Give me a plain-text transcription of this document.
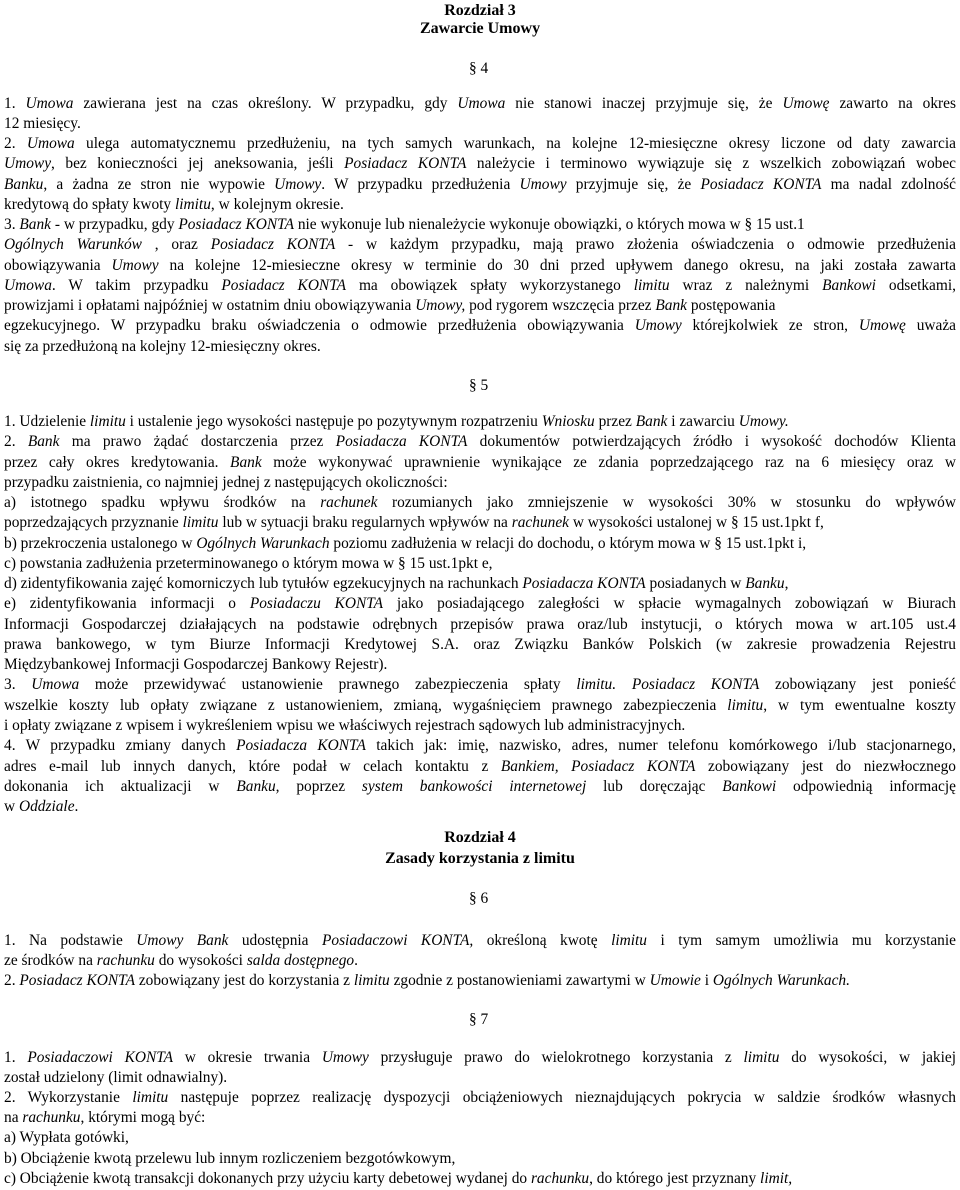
Rozdział 3
Zawarcie Umowy
§ 4
1. Umowa zawierana jest na czas określony. W przypadku, gdy Umowa nie stanowi inaczej przyjmuje się, że Umowę zawarto na okres
12 miesięcy.
2. Umowa ulega automatycznemu przedłużeniu, na tych samych warunkach, na kolejne 12-miesięczne okresy liczone od daty zawarcia
Umowy, bez konieczności jej aneksowania, jeśli Posiadacz KONTA należycie i terminowo wywiązuje się z wszelkich zobowiązań wobec
Banku, a żadna ze stron nie wypowie Umowy. W przypadku przedłużenia Umowy przyjmuje się, że Posiadacz KONTA ma nadal zdolność
kredytową do spłaty kwoty limitu, w kolejnym okresie.
3. Bank - w przypadku, gdy Posiadacz KONTA nie wykonuje lub nienależycie wykonuje obowiązki, o których mowa w § 15 ust.1
Ogólnych Warunków , oraz Posiadacz KONTA - w każdym przypadku, mają prawo złożenia oświadczenia o odmowie przedłużenia
obowiązywania Umowy na kolejne 12-miesieczne okresy w terminie do 30 dni przed upływem danego okresu, na jaki została zawarta
Umowa. W takim przypadku Posiadacz KONTA ma obowiązek spłaty wykorzystanego limitu wraz z należnymi Bankowi odsetkami,
prowizjami i opłatami najpóźniej w ostatnim dniu obowiązywania Umowy, pod rygorem wszczęcia przez Bank postępowania
egzekucyjnego. W przypadku braku oświadczenia o odmowie przedłużenia obowiązywania Umowy którejkolwiek ze stron, Umowę uważa
się za przedłużoną na kolejny 12-miesięczny okres.
§ 5
1. Udzielenie limitu i ustalenie jego wysokości następuje po pozytywnym rozpatrzeniu Wniosku przez Bank i zawarciu Umowy.
2. Bank ma prawo żądać dostarczenia przez Posiadacza KONTA dokumentów potwierdzających źródło i wysokość dochodów Klienta
przez cały okres kredytowania. Bank może wykonywać uprawnienie wynikające ze zdania poprzedzającego raz na 6 miesięcy oraz w
przypadku zaistnienia, co najmniej jednej z następujących okoliczności:
a) istotnego spadku wpływu środków na rachunek rozumianych jako zmniejszenie w wysokości 30% w stosunku do wpływów
poprzedzających przyznanie limitu lub w sytuacji braku regularnych wpływów na rachunek w wysokości ustalonej w § 15 ust.1pkt f,
b) przekroczenia ustalonego w Ogólnych Warunkach poziomu zadłużenia w relacji do dochodu, o którym mowa w § 15 ust.1pkt i,
c) powstania zadłużenia przeterminowanego o którym mowa w § 15 ust.1pkt e,
d) zidentyfikowania zajęć komorniczych lub tytułów egzekucyjnych na rachunkach Posiadacza KONTA posiadanych w Banku,
e) zidentyfikowania informacji o Posiadaczu KONTA jako posiadającego zaległości w spłacie wymagalnych zobowiązań w Biurach
Informacji Gospodarczej działających na podstawie odrębnych przepisów prawa oraz/lub instytucji, o których mowa w art.105 ust.4
prawa bankowego, w tym Biurze Informacji Kredytowej S.A. oraz Związku Banków Polskich (w zakresie prowadzenia Rejestru
Międzybankowej Informacji Gospodarczej Bankowy Rejestr).
3. Umowa może przewidywać ustanowienie prawnego zabezpieczenia spłaty limitu. Posiadacz KONTA zobowiązany jest ponieść
wszelkie koszty lub opłaty związane z ustanowieniem, zmianą, wygaśnięciem prawnego zabezpieczenia limitu, w tym ewentualne koszty
i opłaty związane z wpisem i wykreśleniem wpisu we właściwych rejestrach sądowych lub administracyjnych.
4. W przypadku zmiany danych Posiadacza KONTA takich jak: imię, nazwisko, adres, numer telefonu komórkowego i/lub stacjonarnego,
adres e-mail lub innych danych, które podał w celach kontaktu z Bankiem, Posiadacz KONTA zobowiązany jest do niezwłocznego
dokonania ich aktualizacji w Banku, poprzez system bankowości internetowej lub doręczając Bankowi odpowiednią informację
w Oddziale.
Rozdział 4
Zasady korzystania z limitu
§ 6
1. Na podstawie Umowy Bank udostępnia Posiadaczowi KONTA, określoną kwotę limitu i tym samym umożliwia mu korzystanie
ze środków na rachunku do wysokości salda dostępnego.
2. Posiadacz KONTA zobowiązany jest do korzystania z limitu zgodnie z postanowieniami zawartymi w Umowie i Ogólnych Warunkach.
§ 7
1. Posiadaczowi KONTA w okresie trwania Umowy przysługuje prawo do wielokrotnego korzystania z limitu do wysokości, w jakiej
został udzielony (limit odnawialny).
2. Wykorzystanie limitu następuje poprzez realizację dyspozycji obciążeniowych nieznajdujących pokrycia w saldzie środków własnych
na rachunku, którymi mogą być:
a) Wypłata gotówki,
b) Obciążenie kwotą przelewu lub innym rozliczeniem bezgotówkowym,
c) Obciążenie kwotą transakcji dokonanych przy użyciu karty debetowej wydanej do rachunku, do którego jest przyznany limit,
